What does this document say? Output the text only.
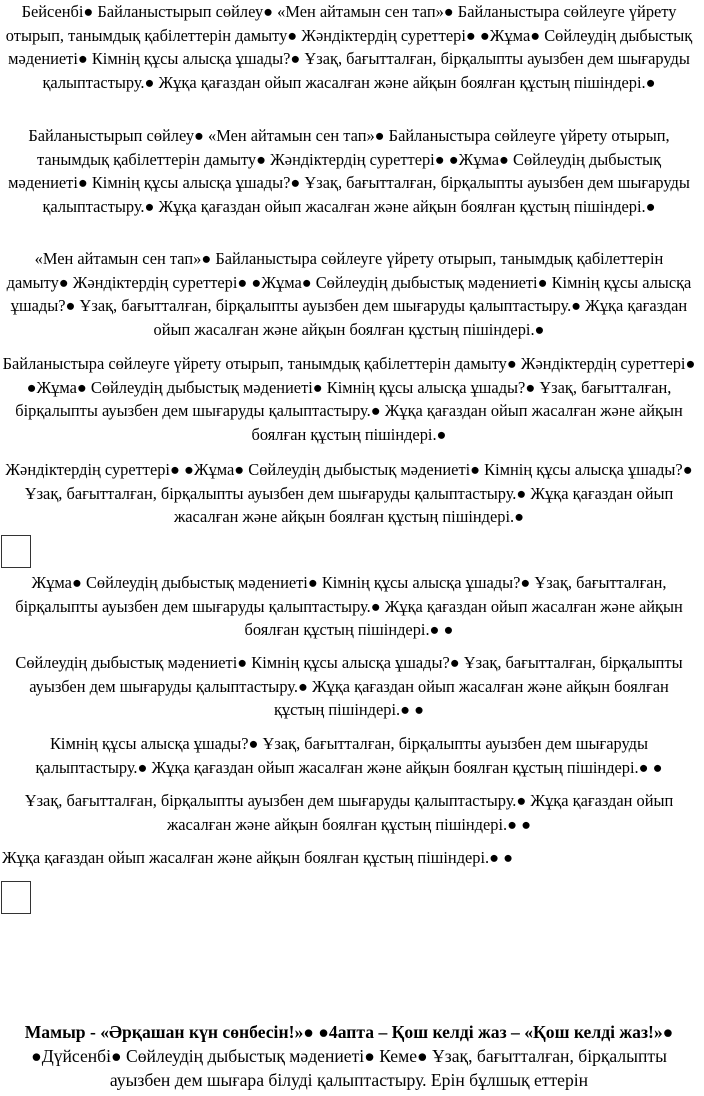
Бейсенбі● Байланыстырып сөйлеу● «Мен айтамын сен тап»● Байланыстыра сөйлеуге үйрету отырып, танымдық қабілеттерін дамыту● Жәндіктердің суреттері● ●Жұма● Сөйлеудің дыбыстық мәдениеті● Кімнің құсы алысқа ұшады?● Ұзақ, бағытталған, бірқалыпты ауызбен дем шығаруды қалыптастыру.● Жұқа қағаздан ойып жасалған және айқын боялған құстың пішіндері.●

Байланыстырып сөйлеу● «Мен айтамын сен тап»● Байланыстыра сөйлеуге үйрету отырып, танымдық қабілеттерін дамыту● Жәндіктердің суреттері● ●Жұма● Сөйлеудің дыбыстық мәдениеті● Кімнің құсы алысқа ұшады?● Ұзақ, бағытталған, бірқалыпты ауызбен дем шығаруды қалыптастыру.● Жұқа қағаздан ойып жасалған және айқын боялған құстың пішіндері.●

«Мен айтамын сен тап»● Байланыстыра сөйлеуге үйрету отырып, танымдық қабілеттерін дамыту● Жәндіктердің суреттері● ●Жұма● Сөйлеудің дыбыстық мәдениеті● Кімнің құсы алысқа ұшады?● Ұзақ, бағытталған, бірқалыпты ауызбен дем шығаруды қалыптастыру.● Жұқа қағаздан ойып жасалған және айқын боялған құстың пішіндері.●

Байланыстыра сөйлеуге үйрету отырып, танымдық қабілеттерін дамыту● Жәндіктердің суреттері● ●Жұма● Сөйлеудің дыбыстық мәдениеті● Кімнің құсы алысқа ұшады?● Ұзақ, бағытталған, бірқалыпты ауызбен дем шығаруды қалыптастыру.● Жұқа қағаздан ойып жасалған және айқын боялған құстың пішіндері.●

Жәндіктердің суреттері● ●Жұма● Сөйлеудің дыбыстық мәдениеті● Кімнің құсы алысқа ұшады?● Ұзақ, бағытталған, бірқалыпты ауызбен дем шығаруды қалыптастыру.● Жұқа қағаздан ойып жасалған және айқын боялған құстың пішіндері.●

Жұма● Сөйлеудің дыбыстық мәдениеті● Кімнің құсы алысқа ұшады?● Ұзақ, бағытталған, бірқалыпты ауызбен дем шығаруды қалыптастыру.● Жұқа қағаздан ойып жасалған және айқын боялған құстың пішіндері.● ●

Сөйлеудің дыбыстық мәдениеті● Кімнің құсы алысқа ұшады?● Ұзақ, бағытталған, бірқалыпты ауызбен дем шығаруды қалыптастыру.● Жұқа қағаздан ойып жасалған және айқын боялған құстың пішіндері.● ●

Кімнің құсы алысқа ұшады?● Ұзақ, бағытталған, бірқалыпты ауызбен дем шығаруды қалыптастыру.● Жұқа қағаздан ойып жасалған және айқын боялған құстың пішіндері.● ●

Ұзақ, бағытталған, бірқалыпты ауызбен дем шығаруды қалыптастыру.● Жұқа қағаздан ойып жасалған және айқын боялған құстың пішіндері.● ●

Жұқа қағаздан ойып жасалған және айқын боялған құстың пішіндері.● ●

Мамыр - «Әрқашан күн сөнбесін!»● ●4апта – Қош келді жаз – «Қош келді жаз!»● ●Дүйсенбі● Сөйлеудің дыбыстық мәдениеті● Кеме● Ұзақ, бағытталған, бірқалыпты ауызбен дем шығара білуді қалыптастыру. Ерін бұлшық еттерін
